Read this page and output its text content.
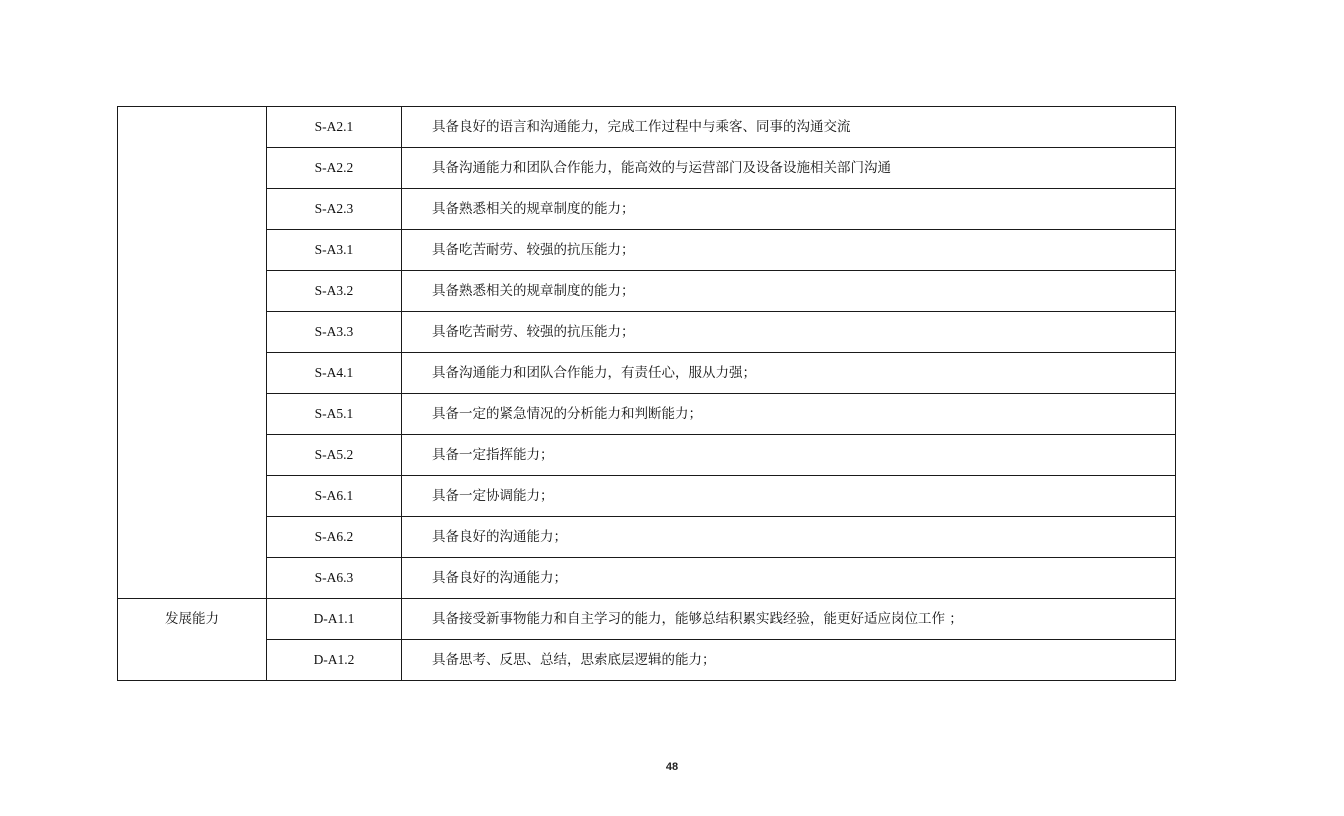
	S-A2.1	具备良好的语言和沟通能力，完成工作过程中与乘客、同事的沟通交流
	S-A2.2	具备沟通能力和团队合作能力，能高效的与运营部门及设备设施相关部门沟通
	S-A2.3	具备熟悉相关的规章制度的能力；
	S-A3.1	具备吃苦耐劳、较强的抗压能力；
	S-A3.2	具备熟悉相关的规章制度的能力；
	S-A3.3	具备吃苦耐劳、较强的抗压能力；
	S-A4.1	具备沟通能力和团队合作能力，有责任心，服从力强；
	S-A5.1	具备一定的紧急情况的分析能力和判断能力；
	S-A5.2	具备一定指挥能力；
	S-A6.1	具备一定协调能力；
	S-A6.2	具备良好的沟通能力；
	S-A6.3	具备良好的沟通能力；
发展能力	D-A1.1	具备接受新事物能力和自主学习的能力，能够总结积累实践经验，能更好适应岗位工作 ；
	D-A1.2	具备思考、反思、总结，思索底层逻辑的能力；
48
